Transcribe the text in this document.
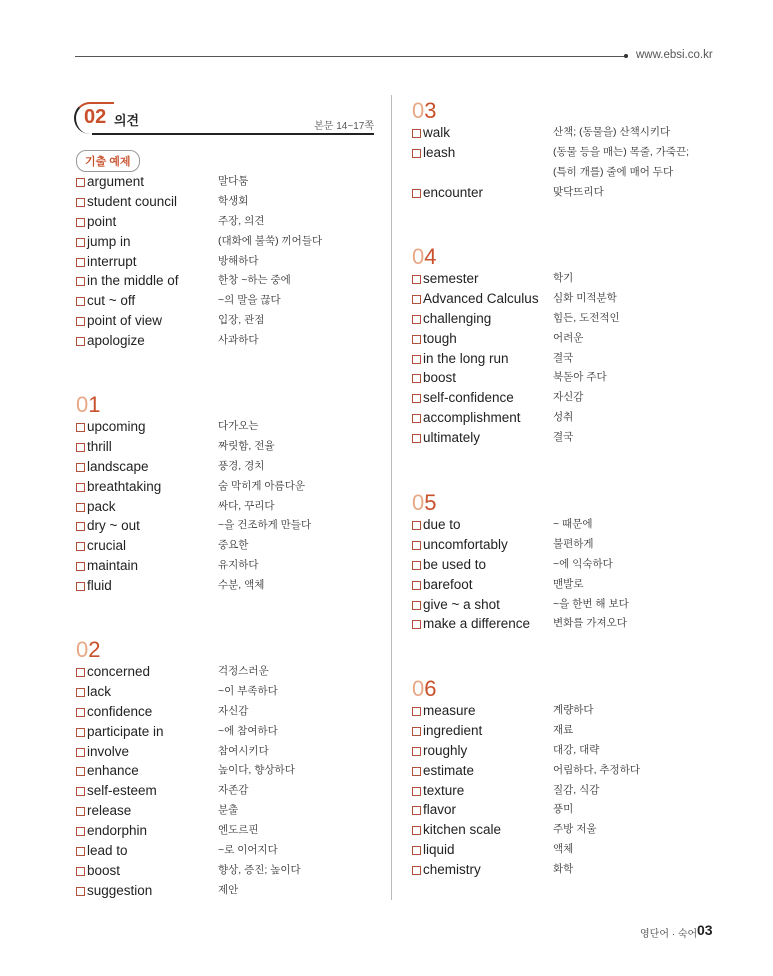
www.ebsi.co.kr
02 의견	본문 14~17쪽
기출 예제
argument	말다툼
student council	학생회
point	주장, 의견
jump in	(대화에 불쑥) 끼어들다
interrupt	방해하다
in the middle of	한창 ~하는 중에
cut ~ off	~의 말을 끊다
point of view	입장, 관점
apologize	사과하다
01
upcoming	다가오는
thrill	짜릿함, 전율
landscape	풍경, 경치
breathtaking	숨 막히게 아름다운
pack	싸다, 꾸리다
dry ~ out	~을 건조하게 만들다
crucial	중요한
maintain	유지하다
fluid	수분, 액체
02
concerned	걱정스러운
lack	~이 부족하다
confidence	자신감
participate in	~에 참여하다
involve	참여시키다
enhance	높이다, 향상하다
self-esteem	자존감
release	분출
endorphin	엔도르핀
lead to	~로 이어지다
boost	향상, 증진; 높이다
suggestion	제안
03
walk	산책; (동물을) 산책시키다
leash	(동물 등을 매는) 목줄, 가죽끈;
(특히 개를) 줄에 매어 두다
encounter	맞닥뜨리다
04
semester	학기
Advanced Calculus 심화 미적분학
challenging	힘든, 도전적인
tough	어려운
in the long run	결국
boost	북돋아 주다
self-confidence	자신감
accomplishment	성취
ultimately	결국
05
due to	~ 때문에
uncomfortably	불편하게
be used to	~에 익숙하다
barefoot	맨발로
give ~ a shot	~을 한번 해 보다
make a difference 변화를 가져오다
06
measure	계량하다
ingredient	재료
roughly	대강, 대략
estimate	어림하다, 추정하다
texture	질감, 식감
flavor	풍미
kitchen scale	주방 저울
liquid	액체
chemistry	화학
영단어 · 숙어 03
